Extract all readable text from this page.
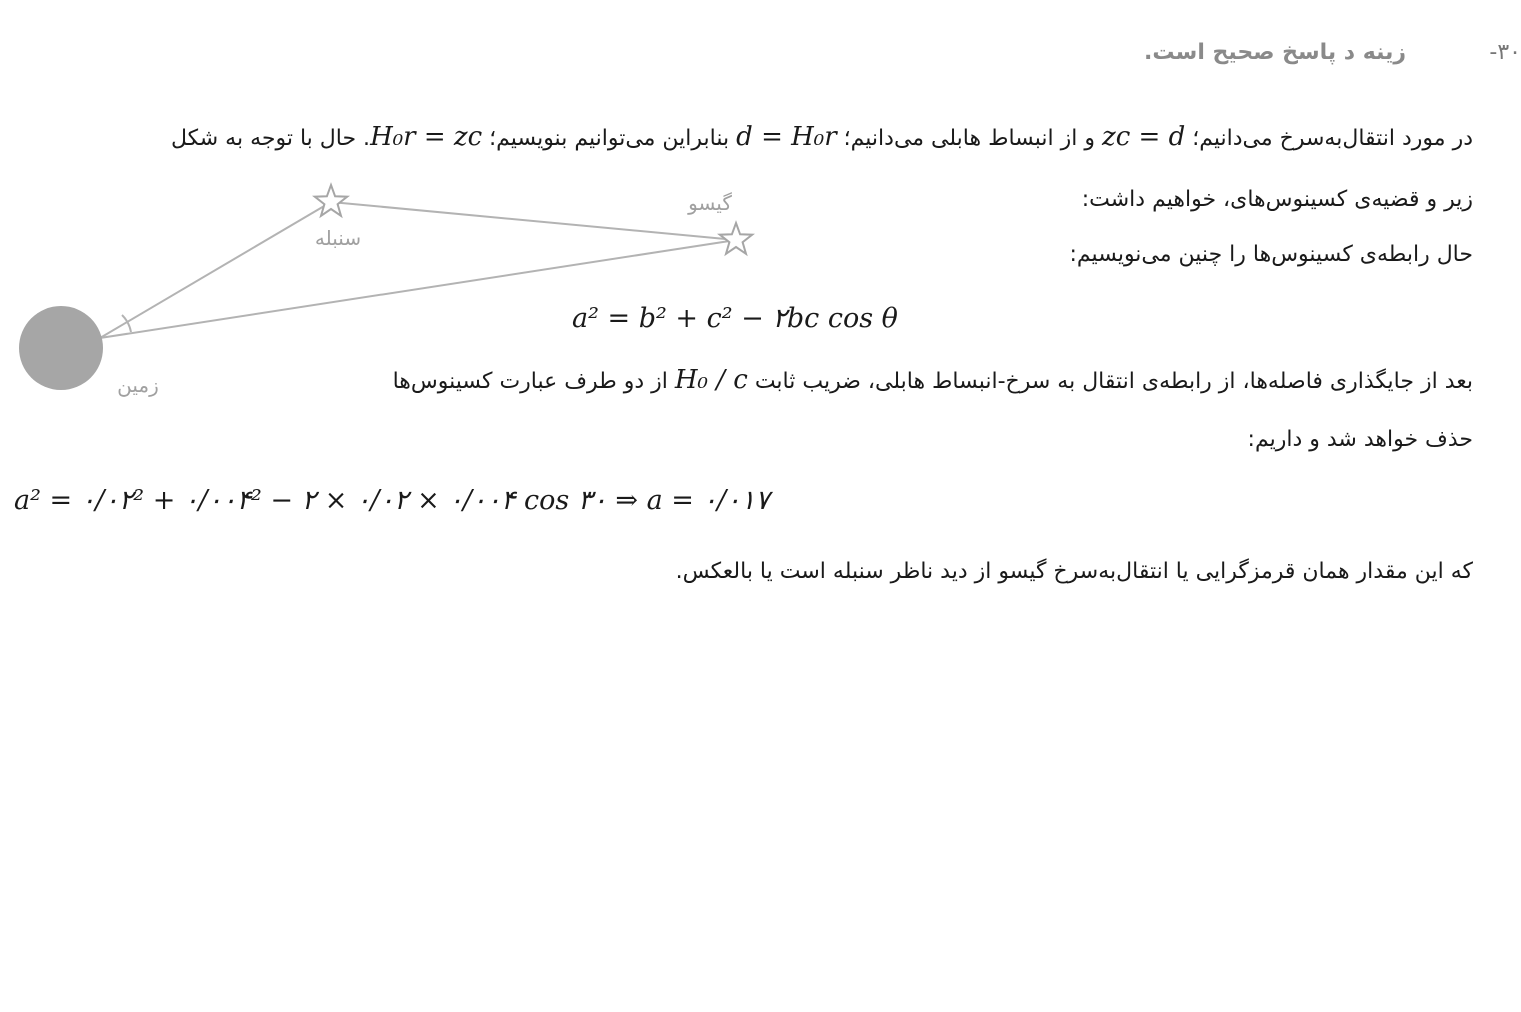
-۳۰
زینه د پاسخ صحیح است.
در مورد انتقال‌به‌سرخ می‌دانیم؛ zc = d و از انبساط هابلی می‌دانیم؛ d = H₀r بنابراین می‌توانیم بنویسیم؛ H₀r = zc. حال با توجه به شکل
زیر و قضیه‌ی کسینوس‌های، خواهیم داشت:
حال رابطه‌ی کسینوس‌ها را چنین می‌نویسیم:
a² = b² + c² − ۲bc cos θ
بعد از جایگذاری فاصله‌ها، از رابطه‌ی انتقال به سرخ-انبساط هابلی، ضریب ثابت H₀ / c از دو طرف عبارت کسینوس‌ها
حذف خواهد شد و داریم:
a² = ۰/۰۲² + ۰/۰۰۴² − ۲ × ۰/۰۲ × ۰/۰۰۴ cos ۳۰ ⇒ a = ۰/۰۱۷
که این مقدار همان قرمزگرایی یا انتقال‌به‌سرخ گیسو از دید ناظر سنبله است یا بالعکس.
سنبله
گیسو
زمین
